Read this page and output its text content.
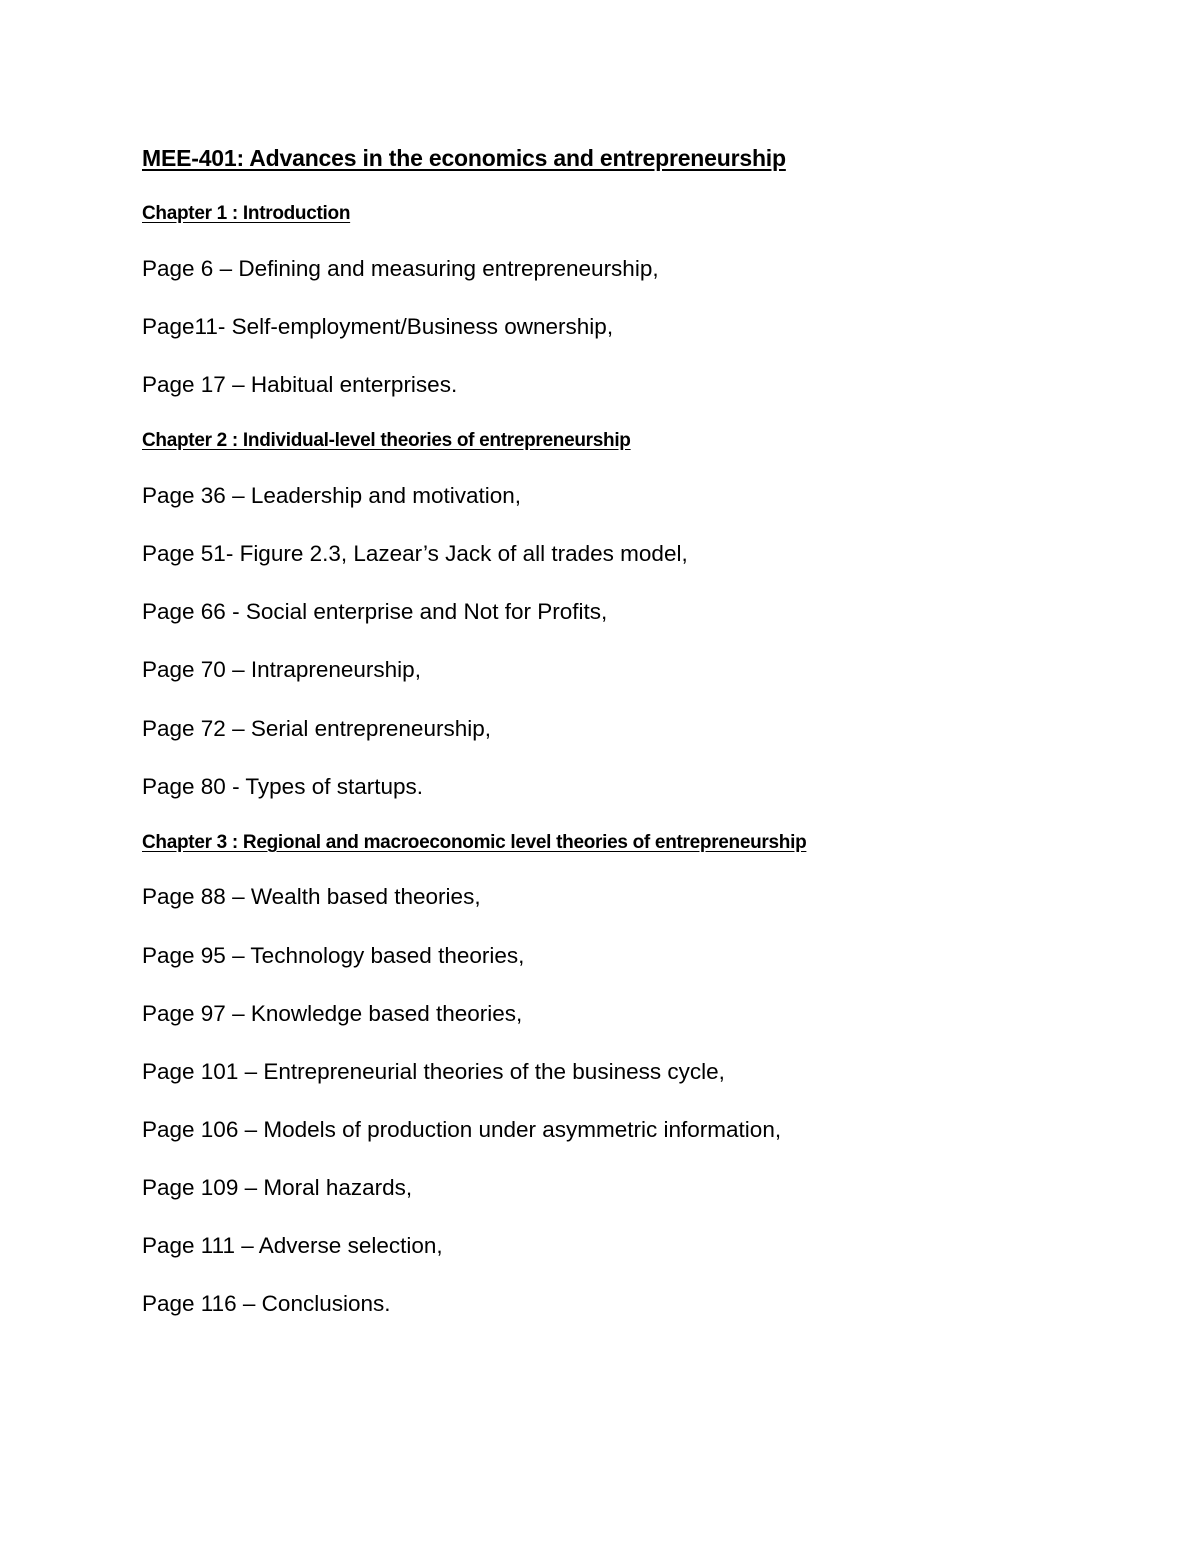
MEE-401: Advances in the economics and entrepreneurship
Chapter 1 : Introduction
Page 6 – Defining and measuring entrepreneurship,
Page11- Self-employment/Business ownership,
Page 17 – Habitual enterprises.
Chapter 2 : Individual-level theories of entrepreneurship
Page 36 – Leadership and motivation,
Page 51- Figure 2.3, Lazear’s Jack of all trades model,
Page 66 - Social enterprise and Not for Profits,
Page 70 – Intrapreneurship,
Page 72 – Serial entrepreneurship,
Page 80 - Types of startups.
Chapter 3 : Regional and macroeconomic level theories of entrepreneurship
Page 88 – Wealth based theories,
Page 95 – Technology based theories,
Page 97 – Knowledge based theories,
Page 101 – Entrepreneurial theories of the business cycle,
Page 106 – Models of production under asymmetric information,
Page 109 – Moral hazards,
Page 111 – Adverse selection,
Page 116 – Conclusions.
